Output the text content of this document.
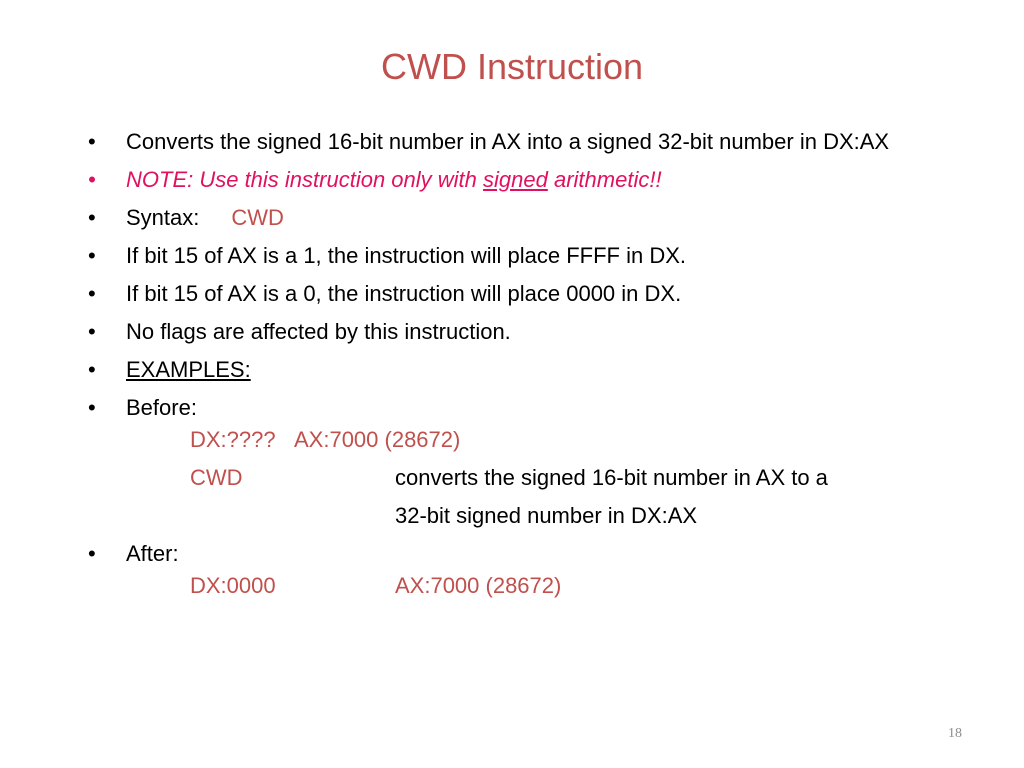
CWD Instruction
•	Converts the signed 16-bit number in AX into a signed 32-bit number in DX:AX
•	NOTE: Use this instruction only with signed arithmetic!!
•	Syntax: CWD
•	If bit 15 of AX is a 1, the instruction will place FFFF in DX.
•	If bit 15 of AX is a 0, the instruction will place 0000 in DX.
•	No flags are affected by this instruction.
•	EXAMPLES:
•	Before:
DX:???? AX:7000 (28672)
CWD	converts the signed 16-bit number in AX to a
32-bit signed number in DX:AX
•	After:
DX:0000	AX:7000 (28672)
18
